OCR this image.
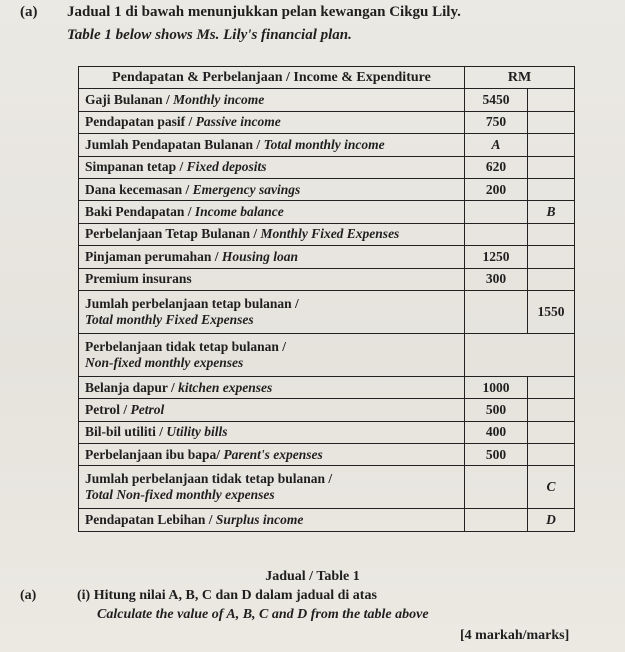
(a) Jadual 1 di bawah menunjukkan pelan kewangan Cikgu Lily.
Table 1 below shows Ms. Lily's financial plan.
Pendapatan & Perbelanjaan / Income & Expenditure	RM	
Gaji Bulanan / Monthly income	5450	
Pendapatan pasif / Passive income	750	
Jumlah Pendapatan Bulanan / Total monthly income	A	
Simpanan tetap / Fixed deposits	620	
Dana kecemasan / Emergency savings	200	
Baki Pendapatan / Income balance		B
Perbelanjaan Tetap Bulanan / Monthly Fixed Expenses		
Pinjaman perumahan / Housing loan	1250	
Premium insurans	300	

Jumlah perbelanjaan tetap bulanan /
Total monthly Fixed Expenses		1550

Perbelanjaan tidak tetap bulanan /
Non-fixed monthly expenses		

Belanja dapur / kitchen expenses	1000	
Petrol / Petrol	500	
Bil-bil utiliti / Utility bills	400	
Perbelanjaan ibu bapa/ Parent's expenses	500	

Jumlah perbelanjaan tidak tetap bulanan /
Total Non-fixed monthly expenses		C
Pendapatan Lebihan / Surplus income		D
Jadual / Table 1
(a)	(i) Hitung nilai A, B, C dan D dalam jadual di atas
Calculate the value of A, B, C and D from the table above
[4 markah/marks]
